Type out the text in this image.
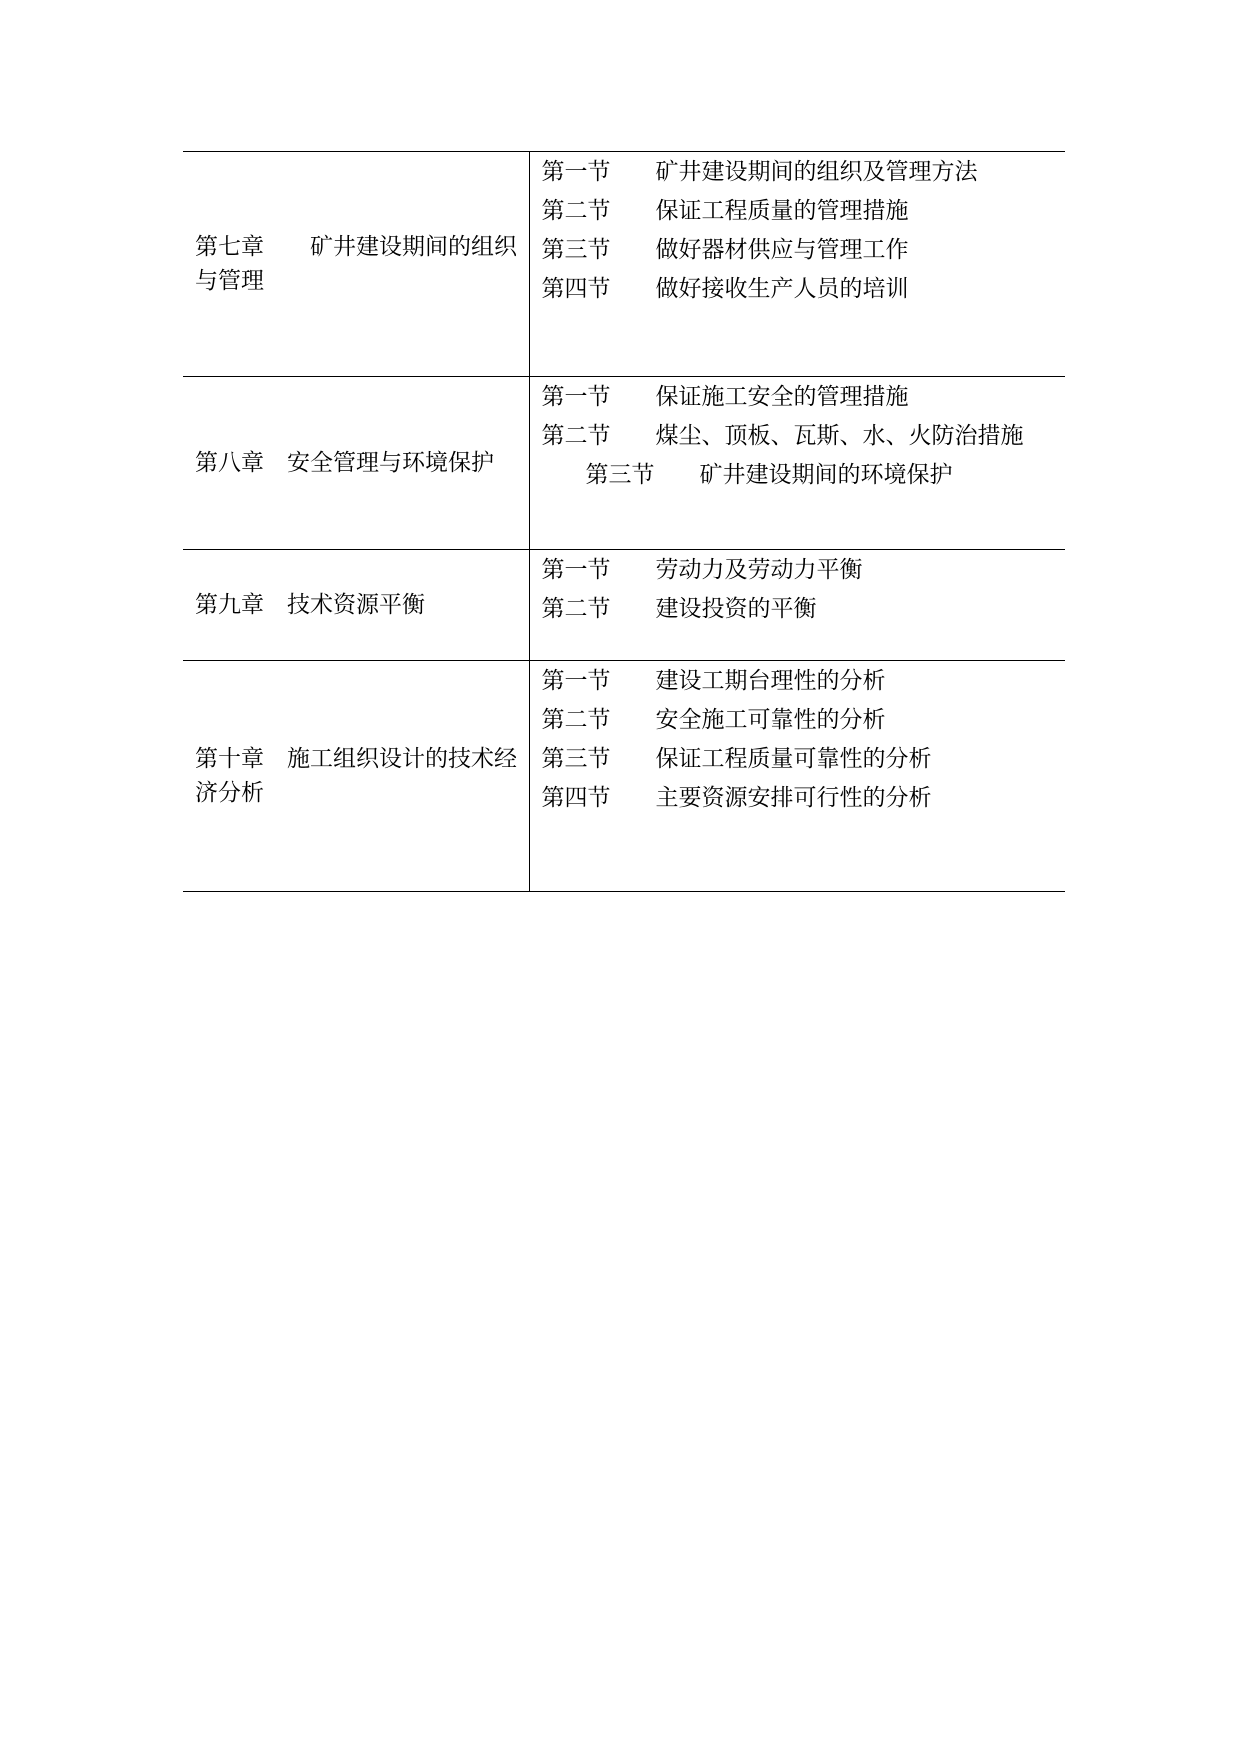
第七章   矿井建设期间的组织与管理	第一节 矿井建设期间的组织及管理方法
第二节 保证工程质量的管理措施
第三节 做好器材供应与管理工作
第四节 做好接收生产人员的培训

第八章  安全管理与环境保护	第一节 保证施工安全的管理措施
第二节 煤尘、顶板、瓦斯、水、火防治措施
第三节 矿井建设期间的环境保护

第九章  技术资源平衡	第一节 劳动力及劳动力平衡
第二节 建设投资的平衡

第十章  施工组织设计的技术经济分析	第一节 建设工期台理性的分析
第二节 安全施工可靠性的分析
第三节 保证工程质量可靠性的分析
第四节 主要资源安排可行性的分析
